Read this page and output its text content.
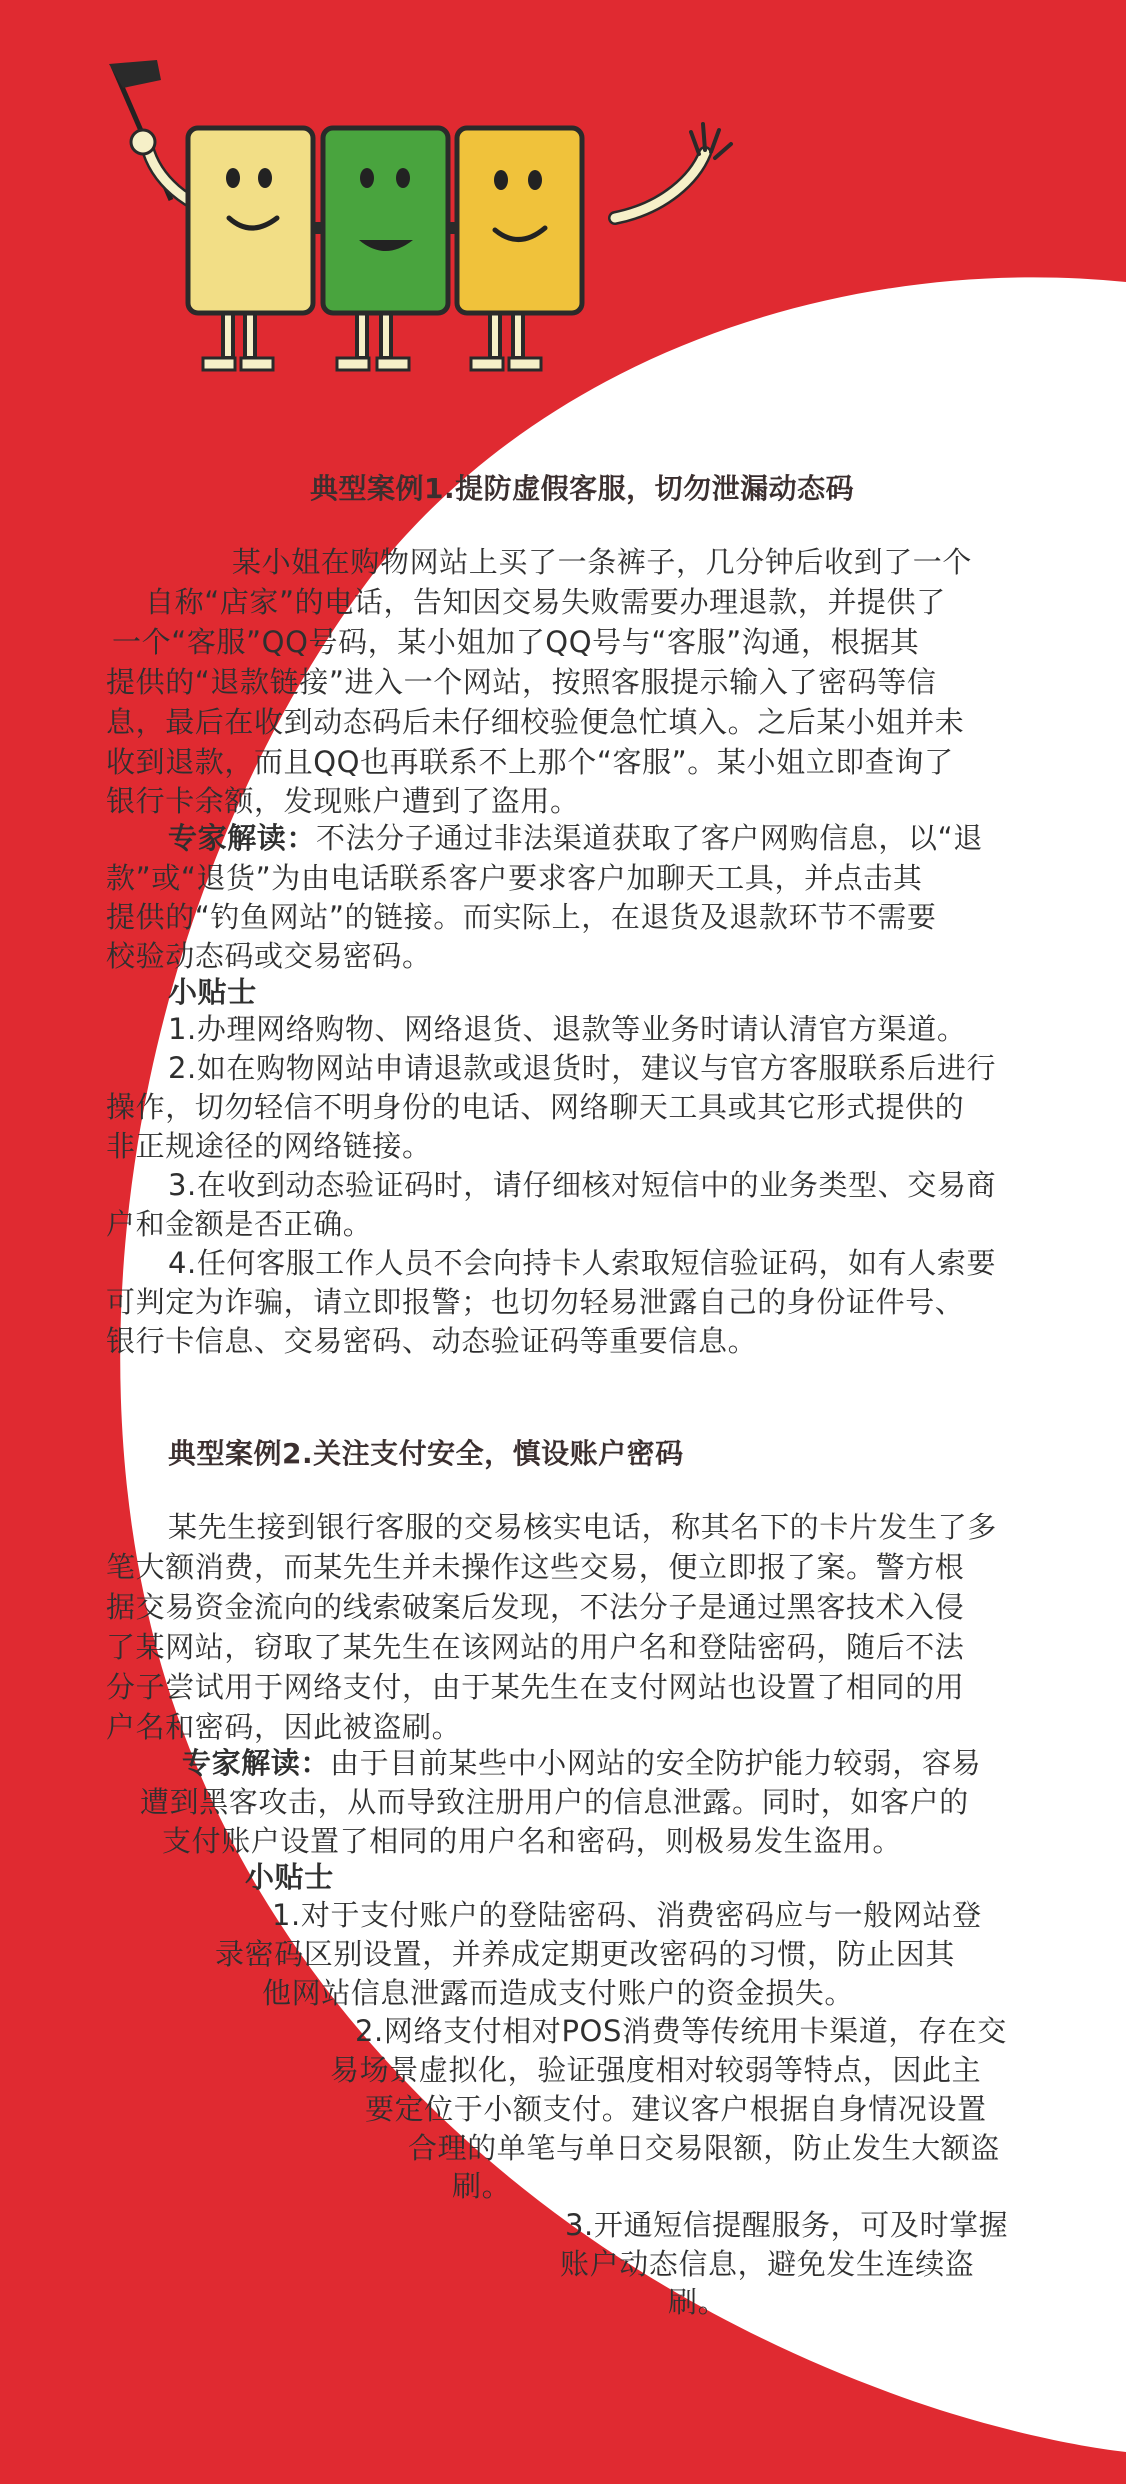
典型案例1.提防虚假客服，切勿泄漏动态码
某小姐在购物网站上买了一条裤子，几分钟后收到了一个
自称“店家”的电话，告知因交易失败需要办理退款，并提供了
一个“客服”QQ号码，某小姐加了QQ号与“客服”沟通，根据其
提供的“退款链接”进入一个网站，按照客服提示输入了密码等信
息，最后在收到动态码后未仔细校验便急忙填入。之后某小姐并未
收到退款，而且QQ也再联系不上那个“客服”。某小姐立即查询了
银行卡余额，发现账户遭到了盗用。
专家解读：不法分子通过非法渠道获取了客户网购信息，以“退
款”或“退货”为由电话联系客户要求客户加聊天工具，并点击其
提供的“钓鱼网站”的链接。而实际上，在退货及退款环节不需要
校验动态码或交易密码。
小贴士
1.办理网络购物、网络退货、退款等业务时请认清官方渠道。
2.如在购物网站申请退款或退货时，建议与官方客服联系后进行
操作，切勿轻信不明身份的电话、网络聊天工具或其它形式提供的
非正规途径的网络链接。
3.在收到动态验证码时，请仔细核对短信中的业务类型、交易商
户和金额是否正确。
4.任何客服工作人员不会向持卡人索取短信验证码，如有人索要
可判定为诈骗，请立即报警；也切勿轻易泄露自己的身份证件号、
银行卡信息、交易密码、动态验证码等重要信息。
典型案例2.关注支付安全，慎设账户密码
某先生接到银行客服的交易核实电话，称其名下的卡片发生了多
笔大额消费，而某先生并未操作这些交易，便立即报了案。警方根
据交易资金流向的线索破案后发现，不法分子是通过黑客技术入侵
了某网站，窃取了某先生在该网站的用户名和登陆密码，随后不法
分子尝试用于网络支付，由于某先生在支付网站也设置了相同的用
户名和密码，因此被盗刷。
专家解读：由于目前某些中小网站的安全防护能力较弱，容易
遭到黑客攻击，从而导致注册用户的信息泄露。同时，如客户的
支付账户设置了相同的用户名和密码，则极易发生盗用。
小贴士
1.对于支付账户的登陆密码、消费密码应与一般网站登
录密码区别设置，并养成定期更改密码的习惯，防止因其
他网站信息泄露而造成支付账户的资金损失。
2.网络支付相对POS消费等传统用卡渠道，存在交
易场景虚拟化，验证强度相对较弱等特点，因此主
要定位于小额支付。建议客户根据自身情况设置
合理的单笔与单日交易限额，防止发生大额盗
刷。
3.开通短信提醒服务，可及时掌握
账户动态信息，避免发生连续盗
刷。
